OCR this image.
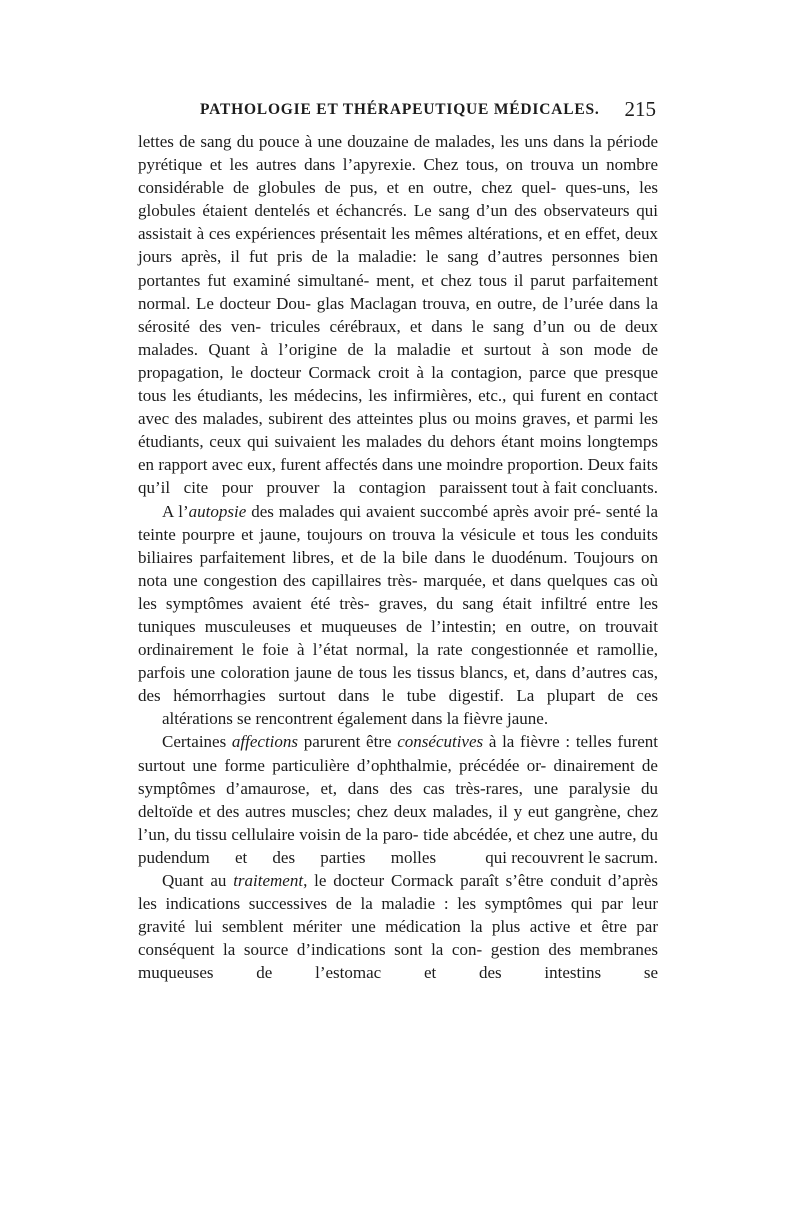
PATHOLOGIE ET THÉRAPEUTIQUE MÉDICALES. 215

lettes de sang du pouce à une douzaine de malades, les uns dans la période pyrétique et les autres dans l’apyrexie. Chez tous, on trouva un nombre considérable de globules de pus, et en outre, chez quel- ques-uns, les globules étaient dentelés et échancrés. Le sang d’un des observateurs qui assistait à ces expériences présentait les mêmes altérations, et en effet, deux jours après, il fut pris de la maladie: le sang d’autres personnes bien portantes fut examiné simultané- ment, et chez tous il parut parfaitement normal. Le docteur Dou- glas Maclagan trouva, en outre, de l’urée dans la sérosité des ven- tricules cérébraux, et dans le sang d’un ou de deux malades. Quant à l’origine de la maladie et surtout à son mode de propagation, le docteur Cormack croit à la contagion, parce que presque tous les étudiants, les médecins, les infirmières, etc., qui furent en contact avec des malades, subirent des atteintes plus ou moins graves, et parmi les étudiants, ceux qui suivaient les malades du dehors étant moins longtemps en rapport avec eux, furent affectés dans une moindre proportion. Deux faits qu’il cite pour prouver la contagion paraissent tout à fait concluants.

A l’autopsie des malades qui avaient succombé après avoir pré- senté la teinte pourpre et jaune, toujours on trouva la vésicule et tous les conduits biliaires parfaitement libres, et de la bile dans le duodénum. Toujours on nota une congestion des capillaires très- marquée, et dans quelques cas où les symptômes avaient été très- graves, du sang était infiltré entre les tuniques musculeuses et muqueuses de l’intestin; en outre, on trouvait ordinairement le foie à l’état normal, la rate congestionnée et ramollie, parfois une coloration jaune de tous les tissus blancs, et, dans d’autres cas, des hémorrhagies surtout dans le tube digestif. La plupart de ces altérations se rencontrent également dans la fièvre jaune.

Certaines affections parurent être consécutives à la fièvre : telles furent surtout une forme particulière d’ophthalmie, précédée or- dinairement de symptômes d’amaurose, et, dans des cas très-rares, une paralysie du deltoïde et des autres muscles; chez deux malades, il y eut gangrène, chez l’un, du tissu cellulaire voisin de la paro- tide abcédée, et chez une autre, du pudendum et des parties molles	qui recouvrent le sacrum.

Quant au traitement, le docteur Cormack paraît s’être conduit d’après les indications successives de la maladie : les symptômes qui par leur gravité lui semblent mériter une médication la plus active et être par conséquent la source d’indications sont la con- gestion des membranes muqueuses de l’estomac et des intestins se
